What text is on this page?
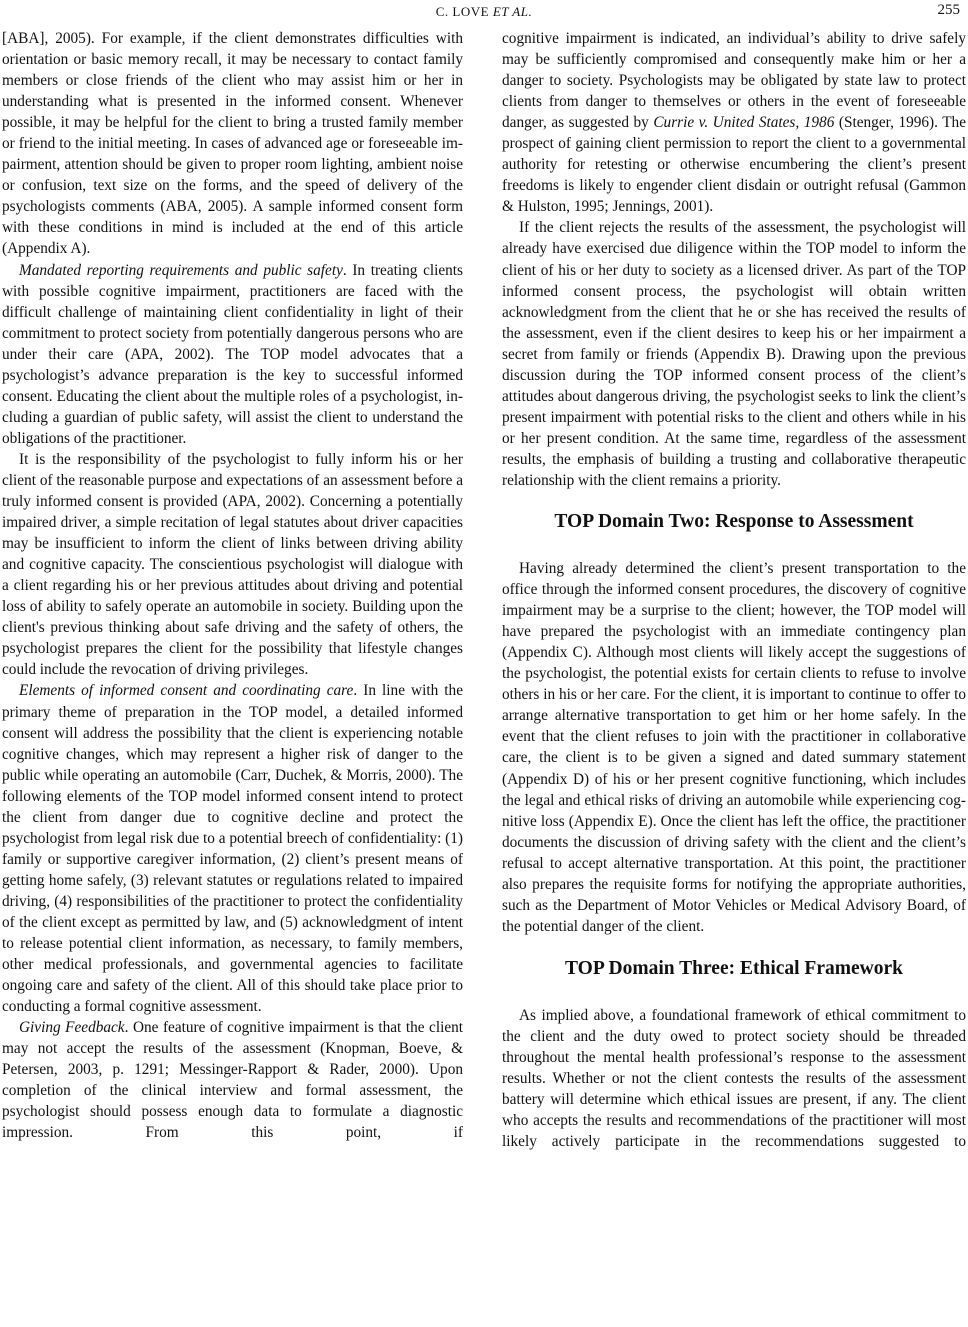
C. LOVE ET AL.	255

[ABA], 2005). For example, if the client demonstrates difficulties with orientation or basic memory recall, it may be necessary to contact family members or close friends of the client who may assist him or her in understanding what is presented in the informed consent. Whenever possible, it may be helpful for the client to bring a trusted family member or friend to the initial meeting. In cases of advanced age or foreseeable impairment, attention should be given to proper room lighting, ambient noise or confusion, text size on the forms, and the speed of delivery of the psychologists comments (ABA, 2005). A sample informed consent form with these conditions in mind is included at the end of this article (Appendix A).

Mandated reporting requirements and public safety. In treating clients with possible cognitive impairment, practitioners are faced with the difficult challenge of maintaining client confidentiality in light of their commitment to protect society from potentially dangerous persons who are under their care (APA, 2002). The TOP model advocates that a psychologist’s advance preparation is the key to successful informed consent. Educating the client about the multiple roles of a psychologist, including a guardian of public safety, will assist the client to understand the obligations of the practitioner.

It is the responsibility of the psychologist to fully inform his or her client of the reasonable purpose and expectations of an assessment before a truly informed consent is provided (APA, 2002). Concerning a potentially impaired driver, a simple recitation of legal statutes about driver capacities may be insufficient to inform the client of links between driving ability and cognitive capacity. The conscientious psychologist will dialogue with a client regarding his or her previous attitudes about driving and potential loss of ability to safely operate an automobile in society. Building upon the client's previous thinking about safe driving and the safety of others, the psychologist prepares the client for the possibility that lifestyle changes could include the revocation of driving privileges.

Elements of informed consent and coordinating care. In line with the primary theme of preparation in the TOP model, a detailed informed consent will address the possibility that the client is experiencing notable cognitive changes, which may represent a higher risk of danger to the public while operating an automobile (Carr, Duchek, & Morris, 2000). The following elements of the TOP model informed consent intend to protect the client from danger due to cognitive decline and protect the psychologist from legal risk due to a potential breech of confidentiality: (1) family or supportive caregiver information, (2) client’s present means of getting home safely, (3) relevant statutes or regulations related to impaired driving, (4) responsibilities of the practitioner to protect the confidentiality of the client except as permitted by law, and (5) acknowledgment of intent to release potential client information, as necessary, to family members, other medical professionals, and governmental agencies to facilitate ongoing care and safety of the client. All of this should take place prior to conducting a formal cognitive assessment.

Giving Feedback. One feature of cognitive impairment is that the client may not accept the results of the assessment (Knopman, Boeve, & Petersen, 2003, p. 1291; Messinger-Rapport & Rader, 2000). Upon completion of the clinical interview and formal assessment, the psychologist should possess enough data to formulate a diagnostic impression. From this point, if

cognitive impairment is indicated, an individual’s ability to drive safely may be sufficiently compromised and consequently make him or her a danger to society. Psychologists may be obligated by state law to protect clients from danger to themselves or others in the event of foreseeable danger, as suggested by Currie v. United States, 1986 (Stenger, 1996). The prospect of gaining client permission to report the client to a governmental authority for retesting or otherwise encumbering the client’s present freedoms is likely to engender client disdain or outright refusal (Gammon & Hulston, 1995; Jennings, 2001).

If the client rejects the results of the assessment, the psychologist will already have exercised due diligence within the TOP model to inform the client of his or her duty to society as a licensed driver. As part of the TOP informed consent process, the psychologist will obtain written acknowledgment from the client that he or she has received the results of the assessment, even if the client desires to keep his or her impairment a secret from family or friends (Appendix B). Drawing upon the previous discussion during the TOP informed consent process of the client’s attitudes about dangerous driving, the psychologist seeks to link the client’s present impairment with potential risks to the client and others while in his or her present condition. At the same time, regardless of the assessment results, the emphasis of building a trusting and collaborative therapeutic relationship with the client remains a priority.

TOP Domain Two: Response to Assessment

Having already determined the client’s present transportation to the office through the informed consent procedures, the discovery of cognitive impairment may be a surprise to the client; however, the TOP model will have prepared the psychologist with an immediate contingency plan (Appendix C). Although most clients will likely accept the suggestions of the psychologist, the potential exists for certain clients to refuse to involve others in his or her care. For the client, it is important to continue to offer to arrange alternative transportation to get him or her home safely. In the event that the client refuses to join with the practitioner in collaborative care, the client is to be given a signed and dated summary statement (Appendix D) of his or her present cognitive functioning, which includes the legal and ethical risks of driving an automobile while experiencing cognitive loss (Appendix E). Once the client has left the office, the practitioner documents the discussion of driving safety with the client and the client’s refusal to accept alternative transportation. At this point, the practitioner also prepares the requisite forms for notifying the appropriate authorities, such as the Department of Motor Vehicles or Medical Advisory Board, of the potential danger of the client.

TOP Domain Three: Ethical Framework

As implied above, a foundational framework of ethical commitment to the client and the duty owed to protect society should be threaded throughout the mental health professional’s response to the assessment results. Whether or not the client contests the results of the assessment battery will determine which ethical issues are present, if any. The client who accepts the results and recommendations of the practitioner will most likely actively participate in the recommendations suggested to
